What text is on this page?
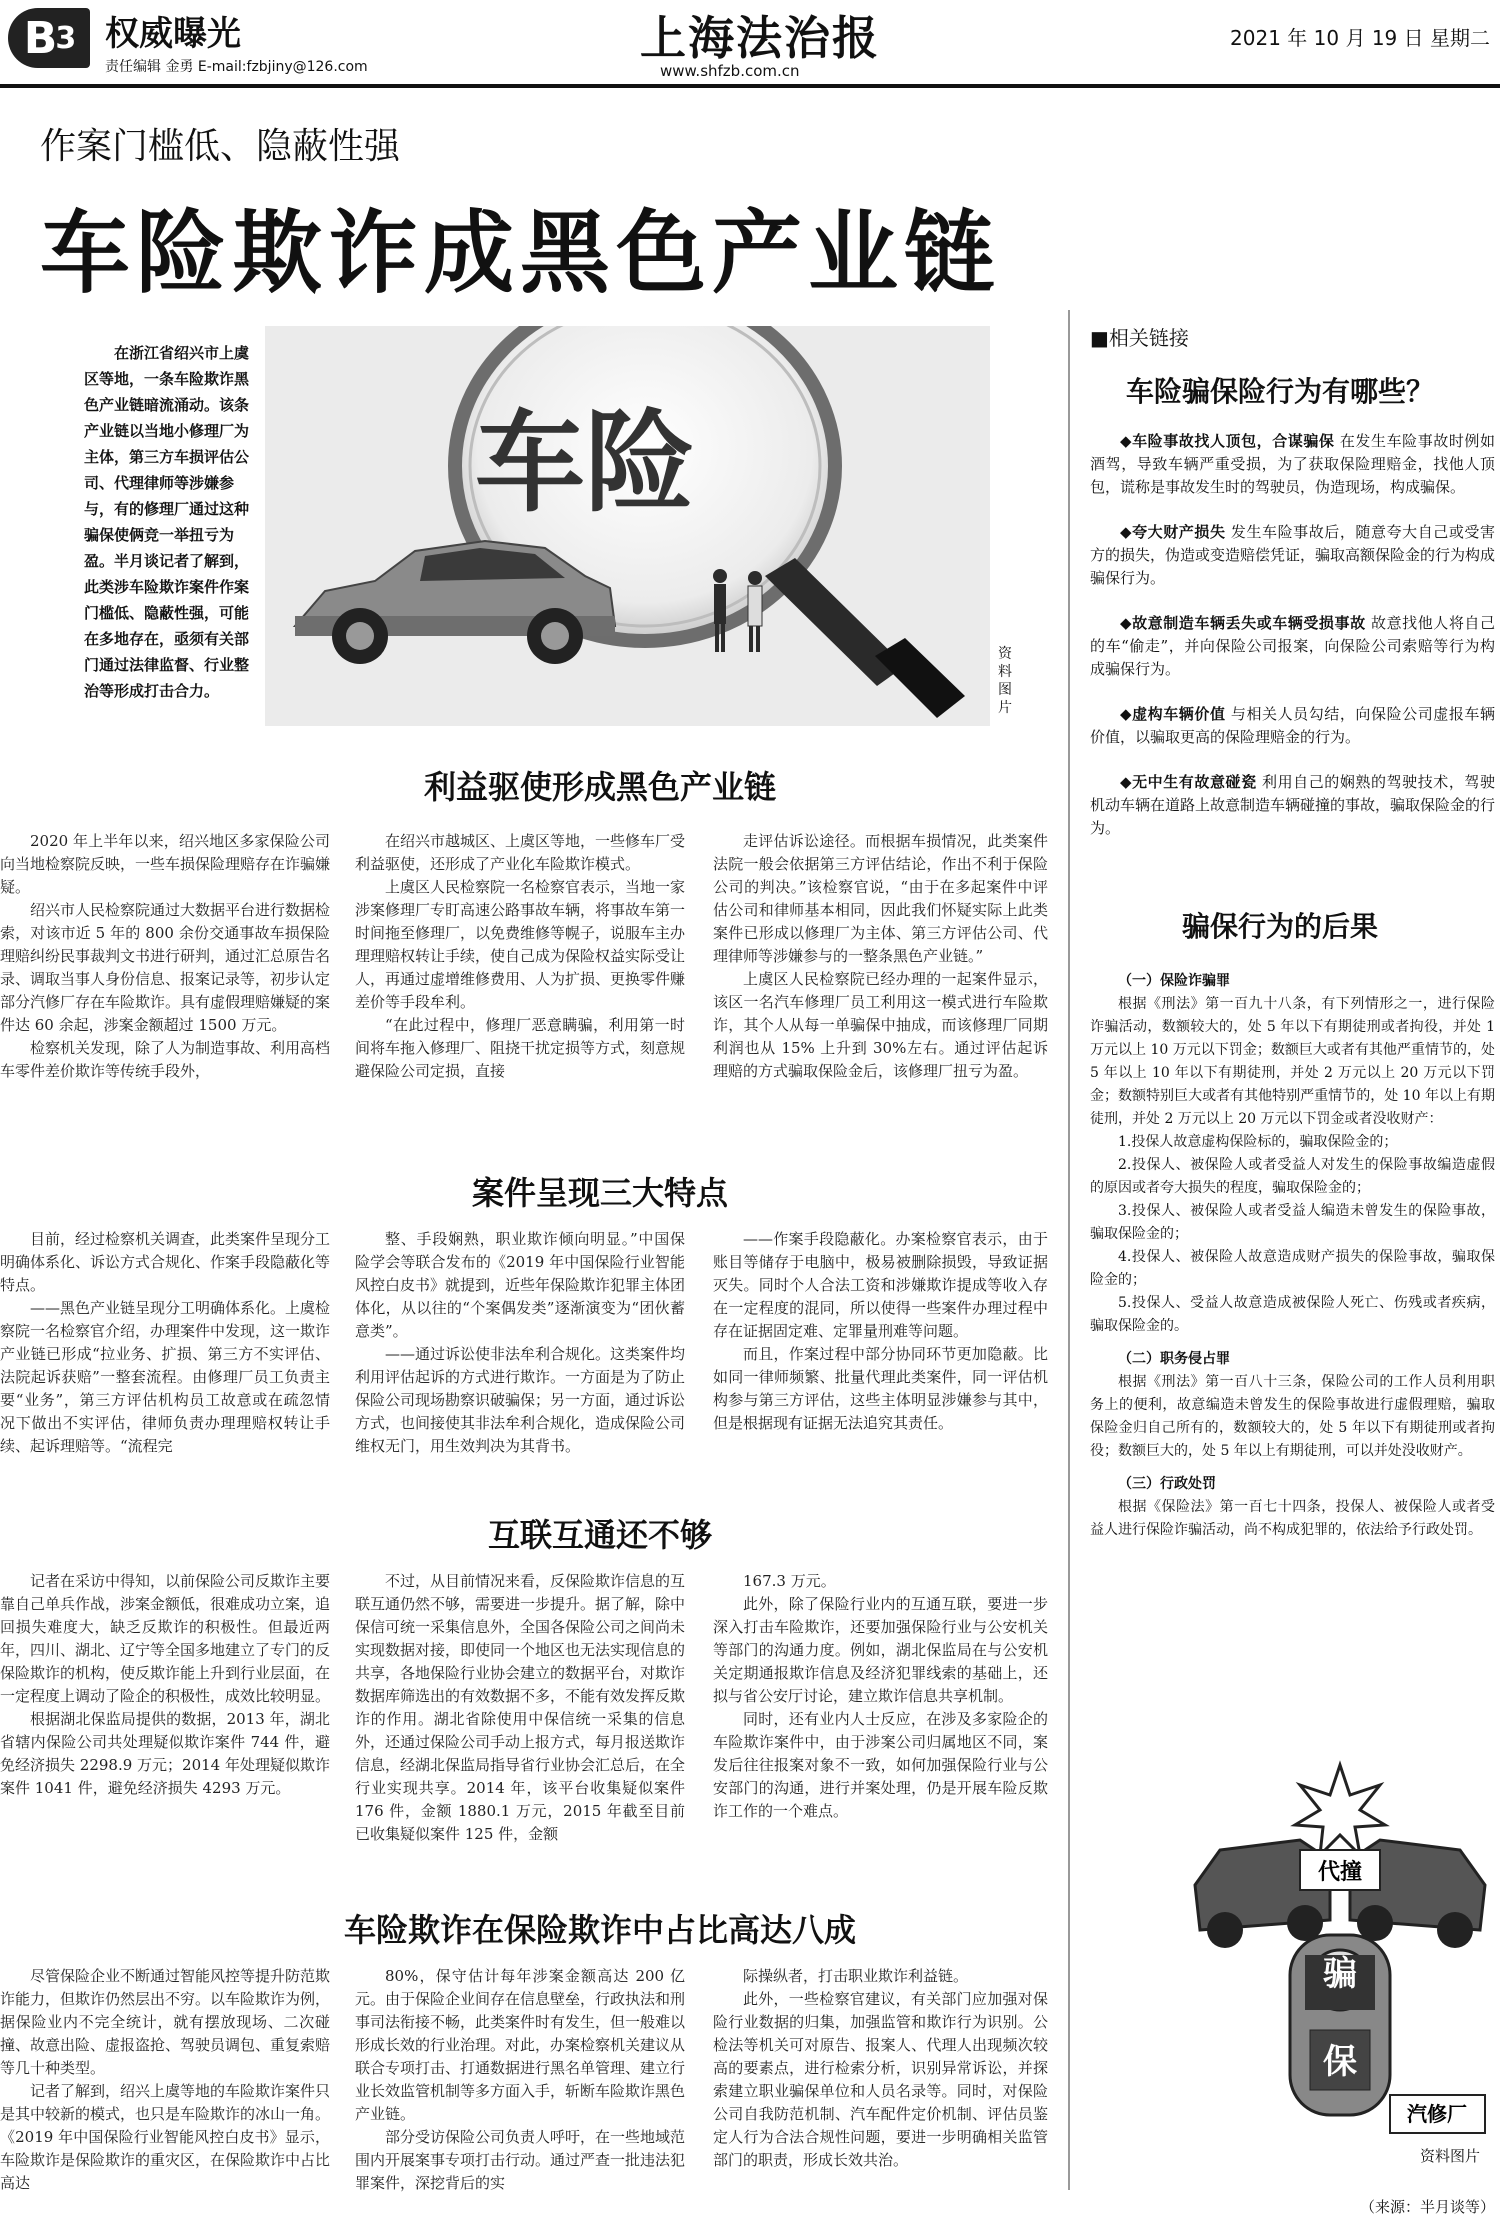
B 3 权威曝光
责任编辑 金勇 E-mail:fzbjiny@126.com
上海法治报
www.shfzb.com.cn
2021 年 10 月 19 日 星期二
作案门槛低、隐蔽性强
车险欺诈成黑色产业链
在浙江省绍兴市上虞区等地，一条车险欺诈黑色产业链暗流涌动。该条产业链以当地小修理厂为主体，第三方车损评估公司、代理律师等涉嫌参与，有的修理厂通过这种骗保使俩竞一举扭亏为盈。半月谈记者了解到，此类涉车险欺诈案件作案门槛低、隐蔽性强，可能在多地存在，亟须有关部门通过法律监督、行业整治等形成打击合力。
车险
资料图片
利益驱使形成黑色产业链

2020 年上半年以来，绍兴地区多家保险公司向当地检察院反映，一些车损保险理赔存在诈骗嫌疑。

绍兴市人民检察院通过大数据平台进行数据检索，对该市近 5 年的 800 余份交通事故车损保险理赔纠纷民事裁判文书进行研判，通过汇总原告名录、调取当事人身份信息、报案记录等，初步认定部分汽修厂存在车险欺诈。具有虚假理赔嫌疑的案件达 60 余起，涉案金额超过 1500 万元。

检察机关发现，除了人为制造事故、利用高档车零件差价欺诈等传统手段外，

在绍兴市越城区、上虞区等地，一些修车厂受利益驱使，还形成了产业化车险欺诈模式。

上虞区人民检察院一名检察官表示，当地一家涉案修理厂专盯高速公路事故车辆，将事故车第一时间拖至修理厂，以免费维修等幌子，说服车主办理理赔权转让手续，使自己成为保险权益实际受让人，再通过虚增维修费用、人为扩损、更换零件赚差价等手段牟利。

“在此过程中，修理厂恶意瞒骗，利用第一时间将车拖入修理厂、阻挠干扰定损等方式，刻意规避保险公司定损，直接

走评估诉讼途径。而根据车损情况，此类案件法院一般会依据第三方评估结论，作出不利于保险公司的判决。”该检察官说，“由于在多起案件中评估公司和律师基本相同，因此我们怀疑实际上此类案件已形成以修理厂为主体、第三方评估公司、代理律师等涉嫌参与的一整条黑色产业链。”

上虞区人民检察院已经办理的一起案件显示，该区一名汽车修理厂员工利用这一模式进行车险欺诈，其个人从每一单骗保中抽成，而该修理厂同期利润也从 15% 上升到 30%左右。通过评估起诉理赔的方式骗取保险金后，该修理厂扭亏为盈。

案件呈现三大特点

目前，经过检察机关调查，此类案件呈现分工明确体系化、诉讼方式合规化、作案手段隐蔽化等特点。

——黑色产业链呈现分工明确体系化。上虞检察院一名检察官介绍，办理案件中发现，这一欺诈产业链已形成“拉业务、扩损、第三方不实评估、法院起诉获赔”一整套流程。由修理厂员工负责主要“业务”，第三方评估机构员工故意或在疏忽情况下做出不实评估，律师负责办理理赔权转让手续、起诉理赔等。“流程完

整、手段娴熟，职业欺诈倾向明显。”中国保险学会等联合发布的《2019 年中国保险行业智能风控白皮书》就提到，近些年保险欺诈犯罪主体团体化，从以往的“个案偶发类”逐渐演变为“团伙蓄意类”。

——通过诉讼使非法牟利合规化。这类案件均利用评估起诉的方式进行欺诈。一方面是为了防止保险公司现场勘察识破骗保；另一方面，通过诉讼方式，也间接使其非法牟利合规化，造成保险公司维权无门，用生效判决为其背书。

——作案手段隐蔽化。办案检察官表示，由于账目等储存于电脑中，极易被删除损毁，导致证据灭失。同时个人合法工资和涉嫌欺诈提成等收入存在一定程度的混同，所以使得一些案件办理过程中存在证据固定难、定罪量刑难等问题。

而且，作案过程中部分协同环节更加隐蔽。比如同一律师频繁、批量代理此类案件，同一评估机构参与第三方评估，这些主体明显涉嫌参与其中，但是根据现有证据无法追究其责任。

互联互通还不够

记者在采访中得知，以前保险公司反欺诈主要靠自己单兵作战，涉案金额低，很难成功立案，追回损失难度大，缺乏反欺诈的积极性。但最近两年，四川、湖北、辽宁等全国多地建立了专门的反保险欺诈的机构，使反欺诈能上升到行业层面，在一定程度上调动了险企的积极性，成效比较明显。

根据湖北保监局提供的数据，2013 年，湖北省辖内保险公司共处理疑似欺诈案件 744 件，避免经济损失 2298.9 万元；2014 年处理疑似欺诈案件 1041 件，避免经济损失 4293 万元。

不过，从目前情况来看，反保险欺诈信息的互联互通仍然不够，需要进一步提升。据了解，除中保信可统一采集信息外，全国各保险公司之间尚未实现数据对接，即使同一个地区也无法实现信息的共享，各地保险行业协会建立的数据平台，对欺诈数据库筛选出的有效数据不多，不能有效发挥反欺诈的作用。湖北省除使用中保信统一采集的信息外，还通过保险公司手动上报方式，每月报送欺诈信息，经湖北保监局指导省行业协会汇总后，在全行业实现共享。2014 年，该平台收集疑似案件 176 件，金额 1880.1 万元，2015 年截至目前已收集疑似案件 125 件，金额

167.3 万元。

此外，除了保险行业内的互通互联，要进一步深入打击车险欺诈，还要加强保险行业与公安机关等部门的沟通力度。例如，湖北保监局在与公安机关定期通报欺诈信息及经济犯罪线索的基础上，还拟与省公安厅讨论，建立欺诈信息共享机制。

同时，还有业内人士反应，在涉及多家险企的车险欺诈案件中，由于涉案公司归属地区不同，案发后往往报案对象不一致，如何加强保险行业与公安部门的沟通，进行并案处理，仍是开展车险反欺诈工作的一个难点。

车险欺诈在保险欺诈中占比高达八成

尽管保险企业不断通过智能风控等提升防范欺诈能力，但欺诈仍然层出不穷。以车险欺诈为例，据保险业内不完全统计，就有摆放现场、二次碰撞、故意出险、虚报盗抢、驾驶员调包、重复索赔等几十种类型。

记者了解到，绍兴上虞等地的车险欺诈案件只是其中较新的模式，也只是车险欺诈的冰山一角。《2019 年中国保险行业智能风控白皮书》显示，车险欺诈是保险欺诈的重灾区，在保险欺诈中占比高达

80%，保守估计每年涉案金额高达 200 亿元。由于保险企业间存在信息壁垒，行政执法和刑事司法衔接不畅，此类案件时有发生，但一般难以形成长效的行业治理。对此，办案检察机关建议从联合专项打击、打通数据进行黑名单管理、建立行业长效监管机制等多方面入手，斩断车险欺诈黑色产业链。

部分受访保险公司负责人呼吁，在一些地域范围内开展案事专项打击行动。通过严查一批违法犯罪案件，深挖背后的实

际操纵者，打击职业欺诈利益链。

此外，一些检察官建议，有关部门应加强对保险行业数据的归集，加强监管和欺诈行为识别。公检法等机关可对原告、报案人、代理人出现频次较高的要素点，进行检索分析，识别异常诉讼，并探索建立职业骗保单位和人员名录等。同时，对保险公司自我防范机制、汽车配件定价机制、评估员鉴定人行为合法合规性问题，要进一步明确相关监管部门的职责，形成长效共治。

■相关链接
车险骗保险行为有哪些？

◆车险事故找人顶包，合谋骗保 在发生车险事故时例如酒驾，导致车辆严重受损，为了获取保险理赔金，找他人顶包，谎称是事故发生时的驾驶员，伪造现场，构成骗保。

◆夸大财产损失 发生车险事故后，随意夸大自己或受害方的损失，伪造或变造赔偿凭证，骗取高额保险金的行为构成骗保行为。

◆故意制造车辆丢失或车辆受损事故 故意找他人将自己的车“偷走”，并向保险公司报案，向保险公司索赔等行为构成骗保行为。

◆虚构车辆价值 与相关人员勾结，向保险公司虚报车辆价值，以骗取更高的保险理赔金的行为。

◆无中生有故意碰瓷 利用自己的娴熟的驾驶技术，驾驶机动车辆在道路上故意制造车辆碰撞的事故，骗取保险金的行为。

骗保行为的后果
（一）保险诈骗罪

根据《刑法》第一百九十八条，有下列情形之一，进行保险诈骗活动，数额较大的，处 5 年以下有期徒刑或者拘役，并处 1 万元以上 10 万元以下罚金；数额巨大或者有其他严重情节的，处 5 年以上 10 年以下有期徒刑，并处 2 万元以上 20 万元以下罚金；数额特别巨大或者有其他特别严重情节的，处 10 年以上有期徒刑，并处 2 万元以上 20 万元以下罚金或者没收财产：

1.投保人故意虚构保险标的，骗取保险金的；

2.投保人、被保险人或者受益人对发生的保险事故编造虚假的原因或者夸大损失的程度，骗取保险金的；

3.投保人、被保险人或者受益人编造未曾发生的保险事故，骗取保险金的；

4.投保人、被保险人故意造成财产损失的保险事故，骗取保险金的；

5.投保人、受益人故意造成被保险人死亡、伤残或者疾病，骗取保险金的。

（二）职务侵占罪

根据《刑法》第一百八十三条，保险公司的工作人员利用职务上的便利，故意编造未曾发生的保险事故进行虚假理赔，骗取保险金归自己所有的，数额较大的，处 5 年以下有期徒刑或者拘役；数额巨大的，处 5 年以上有期徒刑，可以并处没收财产。

（三）行政处罚

根据《保险法》第一百七十四条，投保人、被保险人或者受益人进行保险诈骗活动，尚不构成犯罪的，依法给予行政处罚。

代撞
骗
保
汽修厂
资料图片
（来源：半月谈等）
